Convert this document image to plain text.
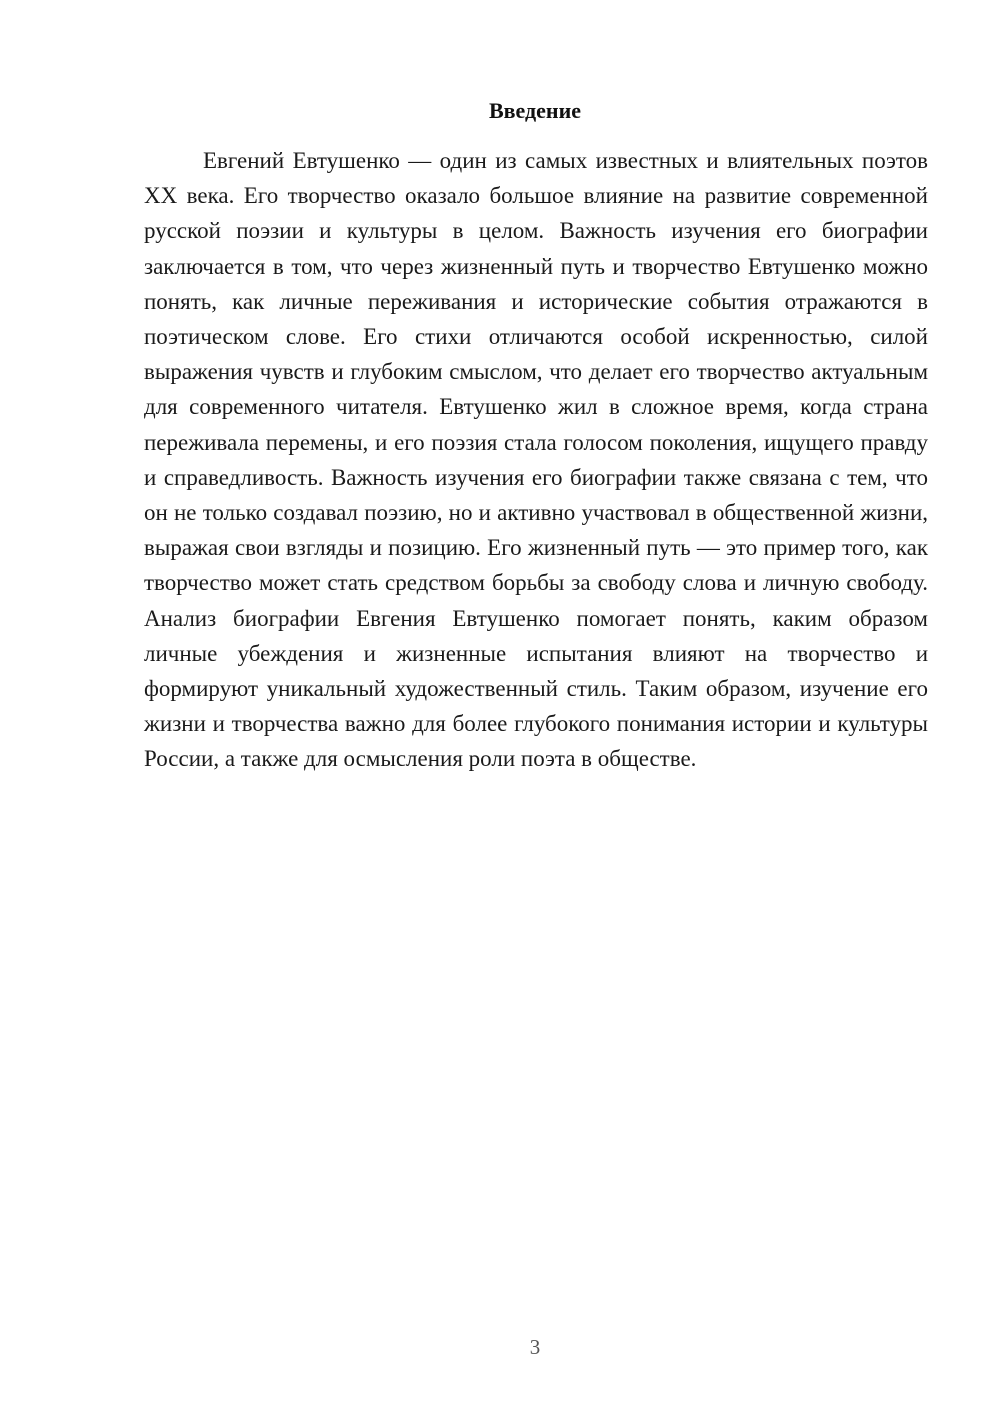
Введение

Евгений Евтушенко — один из самых известных и влиятельных поэтов XX века. Его творчество оказало большое влияние на развитие современной русской поэзии и культуры в целом. Важность изучения его биографии заключается в том, что через жизненный путь и творчество Евтушенко можно понять, как личные переживания и исторические события отражаются в поэтическом слове. Его стихи отличаются особой искренностью, силой выражения чувств и глубоким смыслом, что делает его творчество актуальным для современного читателя. Евтушенко жил в сложное время, когда страна переживала перемены, и его поэзия стала голосом поколения, ищущего правду и справедливость. Важность изучения его биографии также связана с тем, что он не только создавал поэзию, но и активно участвовал в общественной жизни, выражая свои взгляды и позицию. Его жизненный путь — это пример того, как творчество может стать средством борьбы за свободу слова и личную свободу. Анализ биографии Евгения Евтушенко помогает понять, каким образом личные убеждения и жизненные испытания влияют на творчество и формируют уникальный художественный стиль. Таким образом, изучение его жизни и творчества важно для более глубокого понимания истории и культуры России, а также для осмысления роли поэта в обществе.

3
